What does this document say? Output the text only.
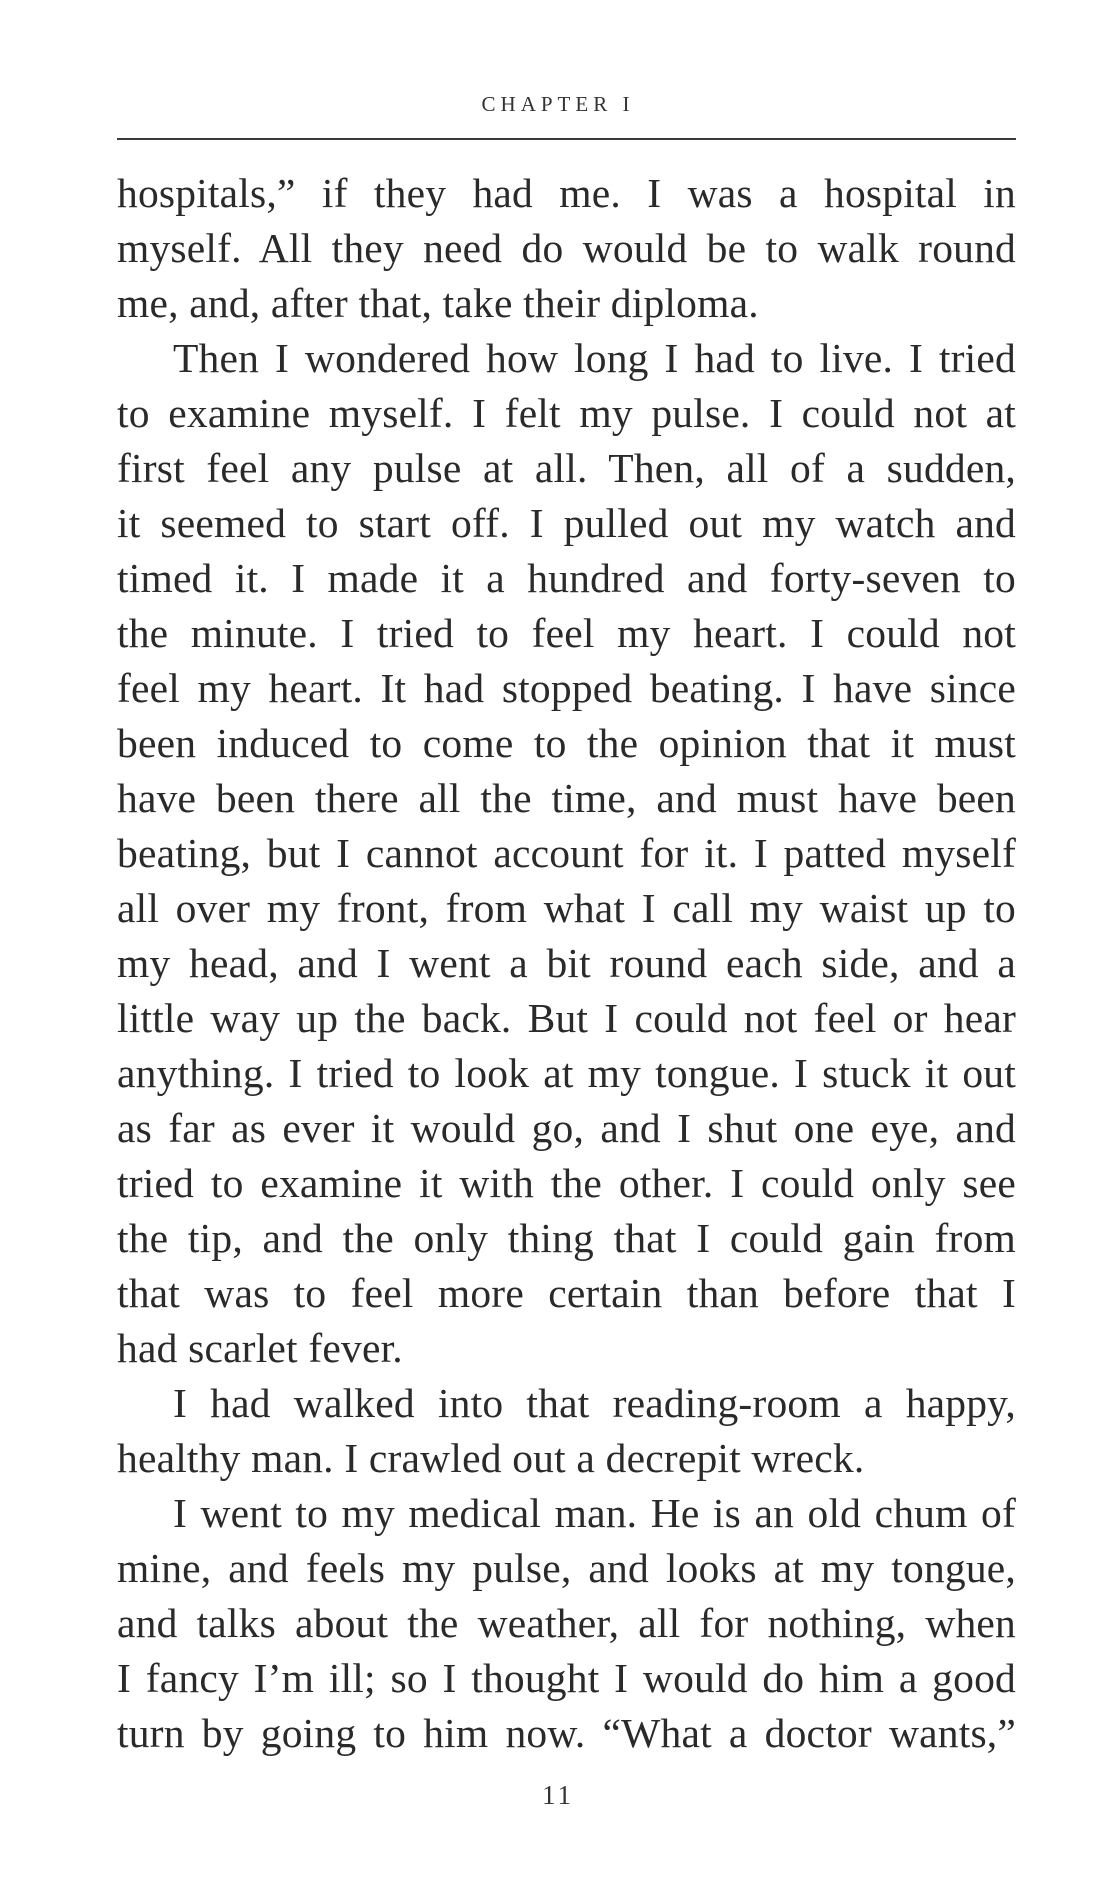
CHAPTER I
hospitals,” if they had me. I was a hospital in
myself. All they need do would be to walk round
me, and, after that, take their diploma.
Then I wondered how long I had to live. I tried
to examine myself. I felt my pulse. I could not at
first feel any pulse at all. Then, all of a sudden,
it seemed to start off. I pulled out my watch and
timed it. I made it a hundred and forty-seven to
the minute. I tried to feel my heart. I could not
feel my heart. It had stopped beating. I have since
been induced to come to the opinion that it must
have been there all the time, and must have been
beating, but I cannot account for it. I patted myself
all over my front, from what I call my waist up to
my head, and I went a bit round each side, and a
little way up the back. But I could not feel or hear
anything. I tried to look at my tongue. I stuck it out
as far as ever it would go, and I shut one eye, and
tried to examine it with the other. I could only see
the tip, and the only thing that I could gain from
that was to feel more certain than before that I
had scarlet fever.
I had walked into that reading-room a happy,
healthy man. I crawled out a decrepit wreck.
I went to my medical man. He is an old chum of
mine, and feels my pulse, and looks at my tongue,
and talks about the weather, all for nothing, when
I fancy I’m ill; so I thought I would do him a good
turn by going to him now. “What a doctor wants,”
11
